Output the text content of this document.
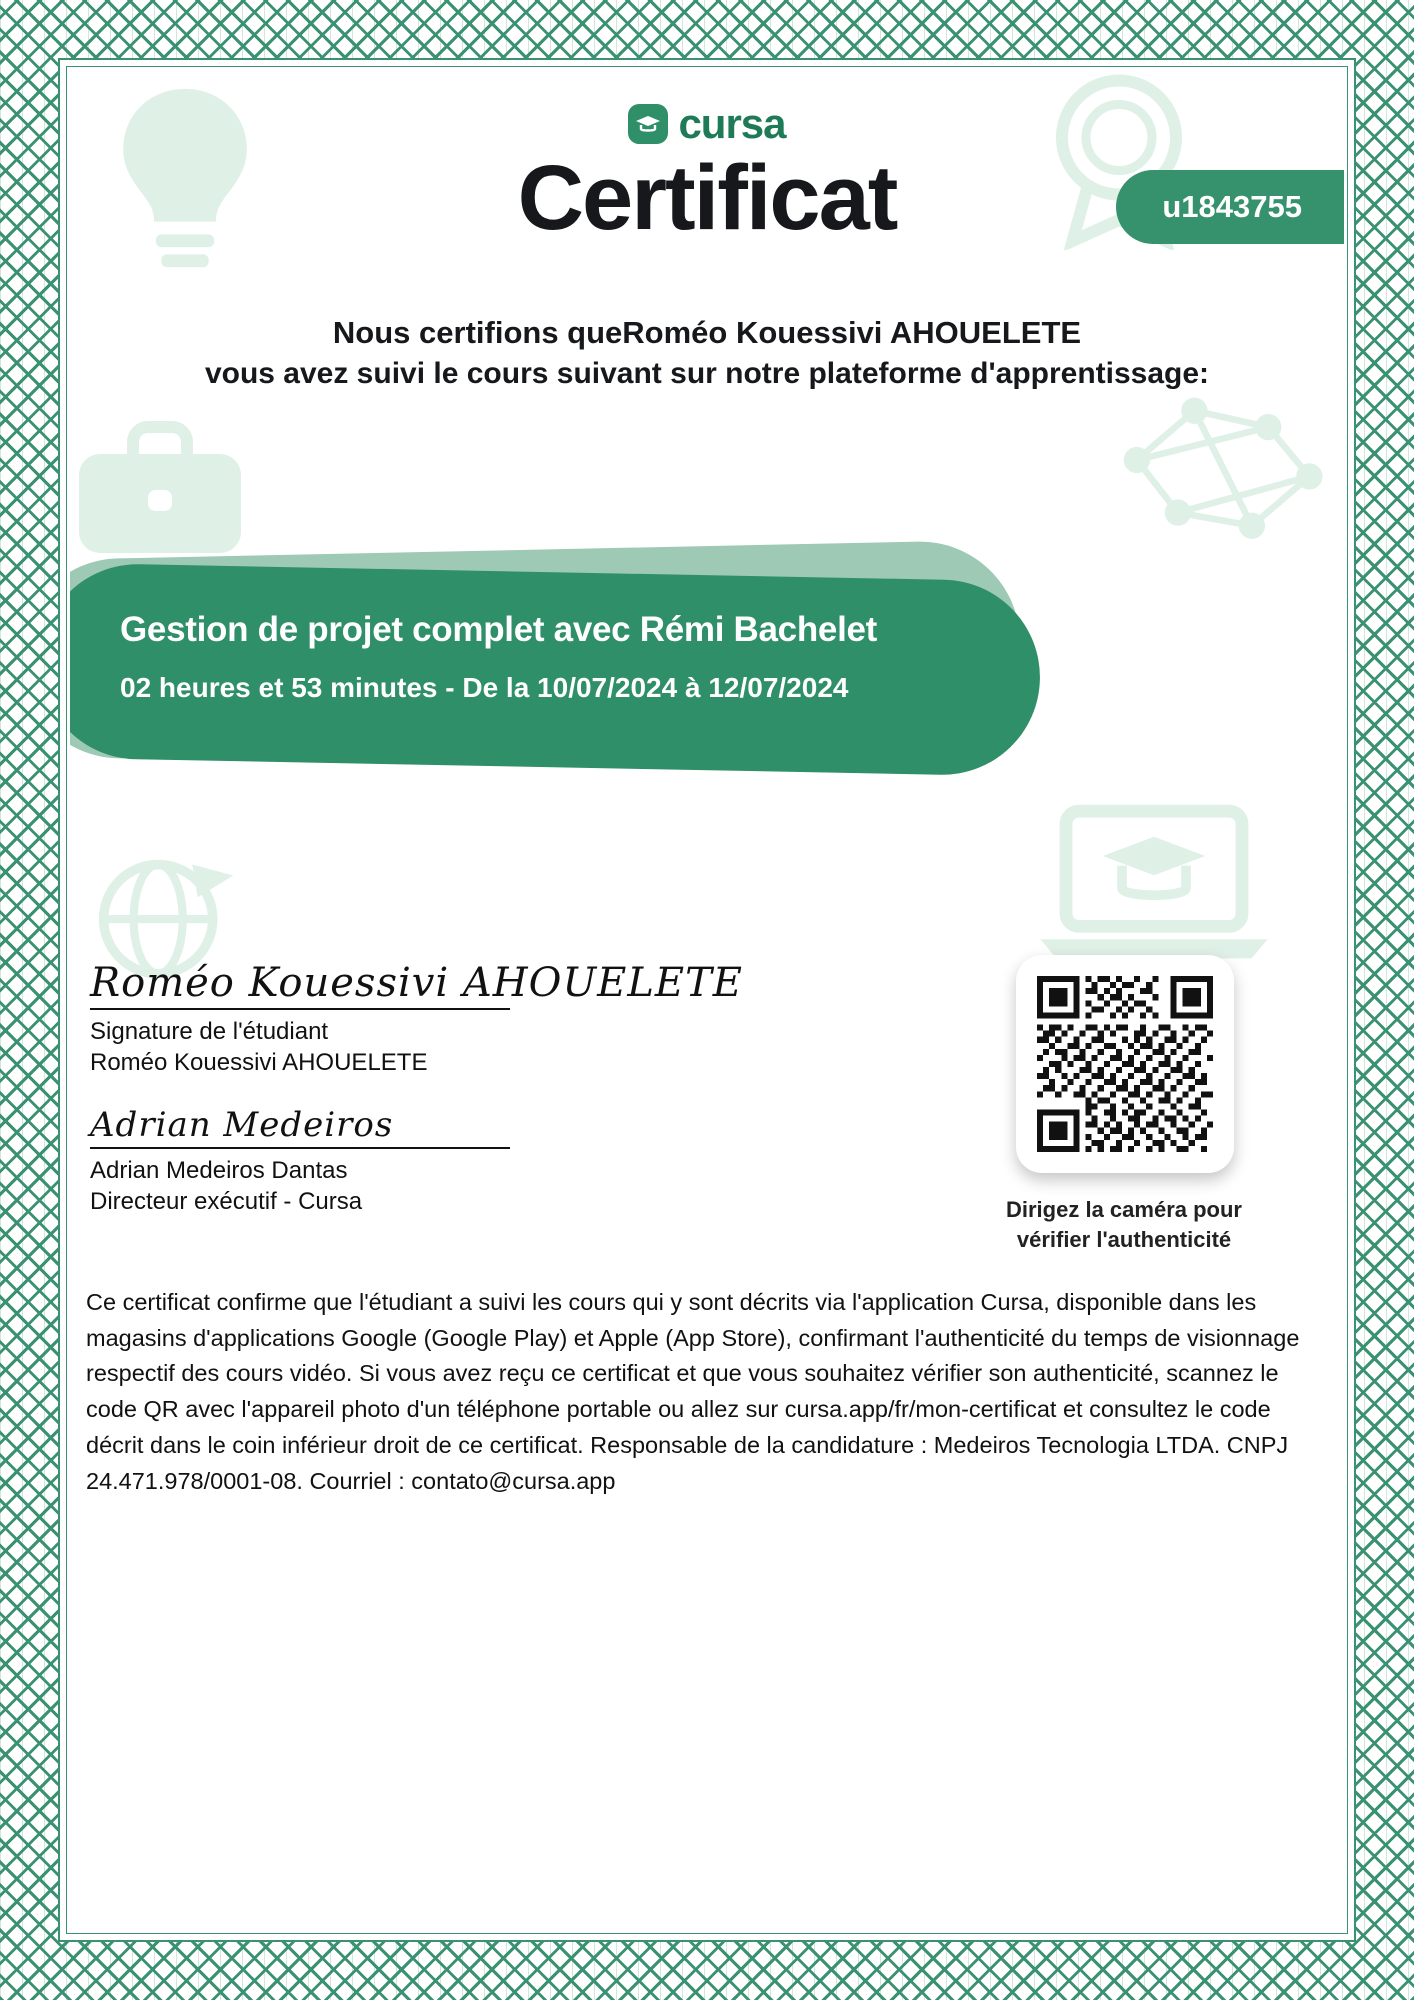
cursa
Certificat	u1843755
Nous certifions queRoméo Kouessivi AHOUELETE
vous avez suivi le cours suivant sur notre plateforme d'apprentissage:
Gestion de projet complet avec Rémi Bachelet
02 heures et 53 minutes - De la 10/07/2024 à 12/07/2024
Roméo Kouessivi AHOUELETE
Signature de l'étudiant
Roméo Kouessivi AHOUELETE
Adrian Medeiros
Adrian Medeiros Dantas
Directeur exécutif - Cursa	Dirigez la caméra pour
vérifier l'authenticité
Ce certificat confirme que l'étudiant a suivi les cours qui y sont décrits via l'application Cursa, disponible dans les magasins d'applications Google (Google Play) et Apple (App Store), confirmant l'authenticité du temps de visionnage respectif des cours vidéo. Si vous avez reçu ce certificat et que vous souhaitez vérifier son authenticité, scannez le code QR avec l'appareil photo d'un téléphone portable ou allez sur cursa.app/fr/mon-certificat et consultez le code décrit dans le coin inférieur droit de ce certificat. Responsable de la candidature : Medeiros Tecnologia LTDA. CNPJ 24.471.978/0001-08. Courriel : contato@cursa.app
